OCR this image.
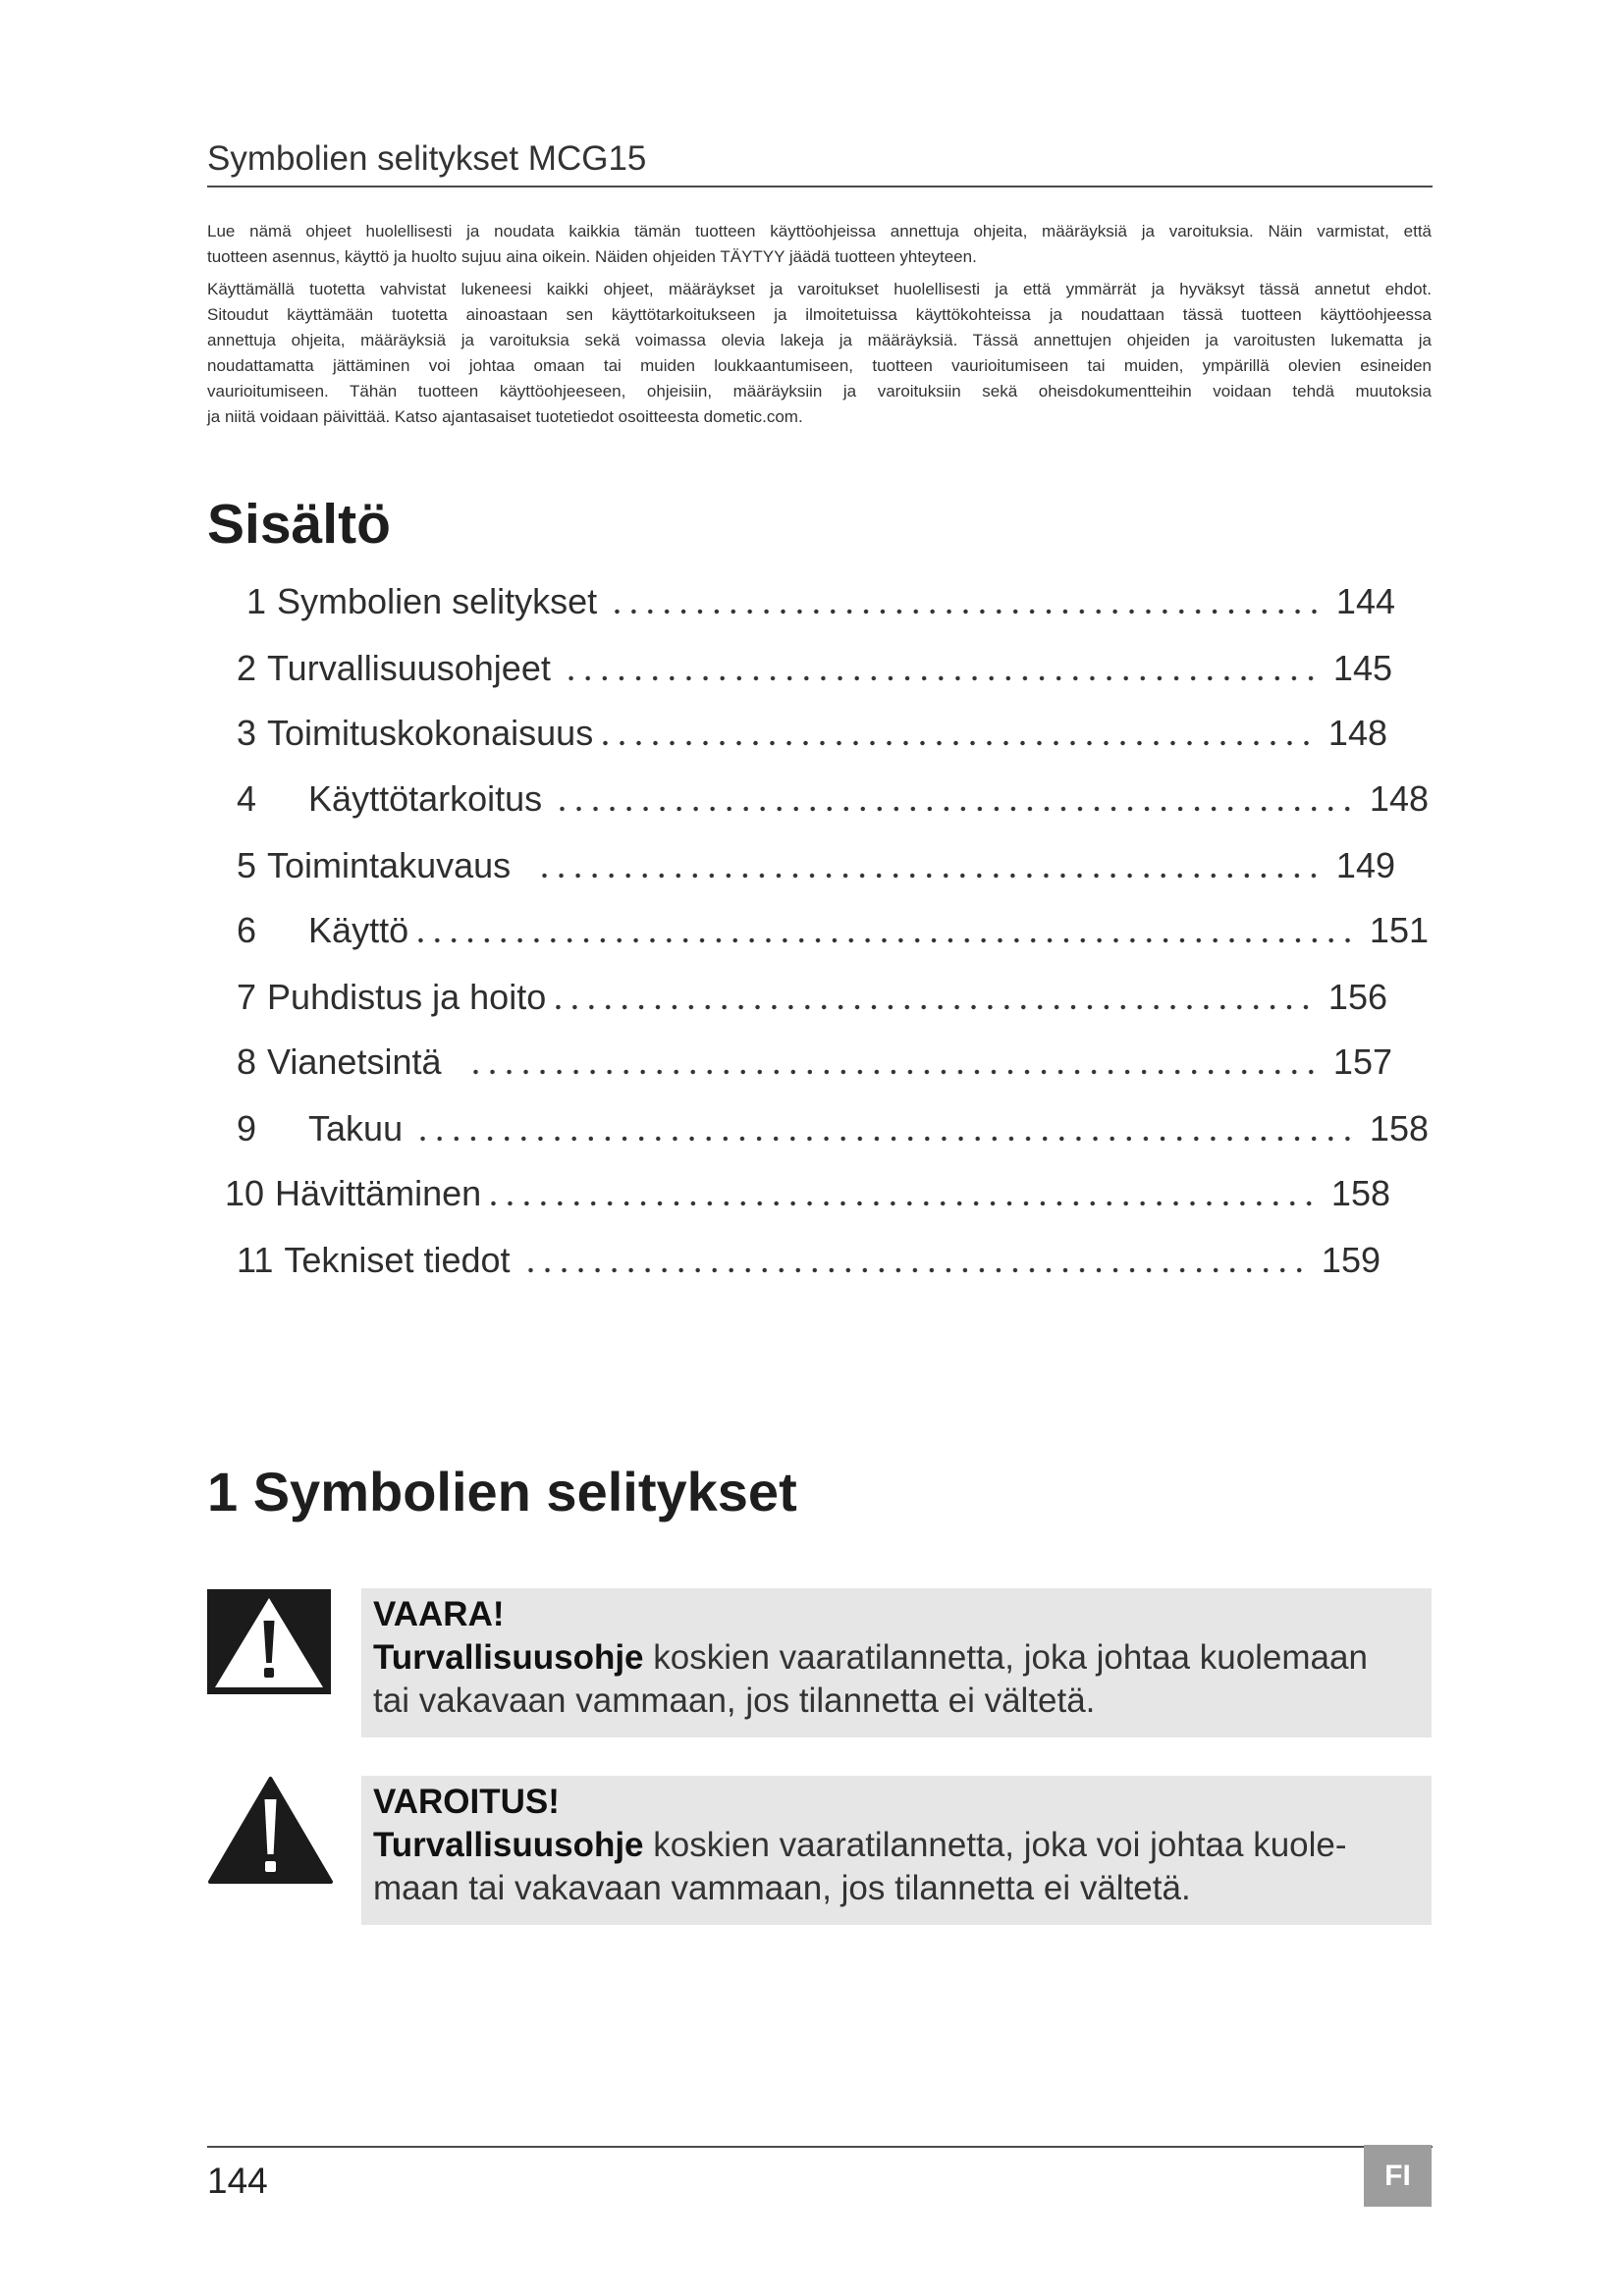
Symbolien selitykset MCG15
Lue nämä ohjeet huolellisesti ja noudata kaikkia tämän tuotteen käyttöohjeissa annettuja ohjeita, määräyksiä ja varoituksia. Näin varmistat, että
tuotteen asennus, käyttö ja huolto sujuu aina oikein. Näiden ohjeiden TÄYTYY jäädä tuotteen yhteyteen.
Käyttämällä tuotetta vahvistat lukeneesi kaikki ohjeet, määräykset ja varoitukset huolellisesti ja että ymmärrät ja hyväksyt tässä annetut ehdot.
Sitoudut käyttämään tuotetta ainoastaan sen käyttötarkoitukseen ja ilmoitetuissa käyttökohteissa ja noudattaan tässä tuotteen käyttöohjeessa
annettuja ohjeita, määräyksiä ja varoituksia sekä voimassa olevia lakeja ja määräyksiä. Tässä annettujen ohjeiden ja varoitusten lukematta ja
noudattamatta jättäminen voi johtaa omaan tai muiden loukkaantumiseen, tuotteen vaurioitumiseen tai muiden, ympärillä olevien esineiden
vaurioitumiseen. Tähän tuotteen käyttöohjeeseen, ohjeisiin, määräyksiin ja varoituksiin sekä oheisdokumentteihin voidaan tehdä muutoksia
ja niitä voidaan päivittää. Katso ajantasaiset tuotetiedot osoitteesta dometic.com.
Sisältö
1 Symbolien selitykset	144
2 Turvallisuusohjeet	145
3 Toimituskokonaisuus	148
4 Käyttötarkoitus	148
5 Toimintakuvaus	149
6 Käyttö	151
7 Puhdistus ja hoito	156
8 Vianetsintä	157
9 Takuu	158
10 Hävittäminen	158
11 Tekniset tiedot	159
1 Symbolien selitykset
VAARA!
Turvallisuusohje koskien vaaratilannetta, joka johtaa kuolemaan
tai vakavaan vammaan, jos tilannetta ei vältetä.
VAROITUS!
Turvallisuusohje koskien vaaratilannetta, joka voi johtaa kuole-
maan tai vakavaan vammaan, jos tilannetta ei vältetä.
144	FI
